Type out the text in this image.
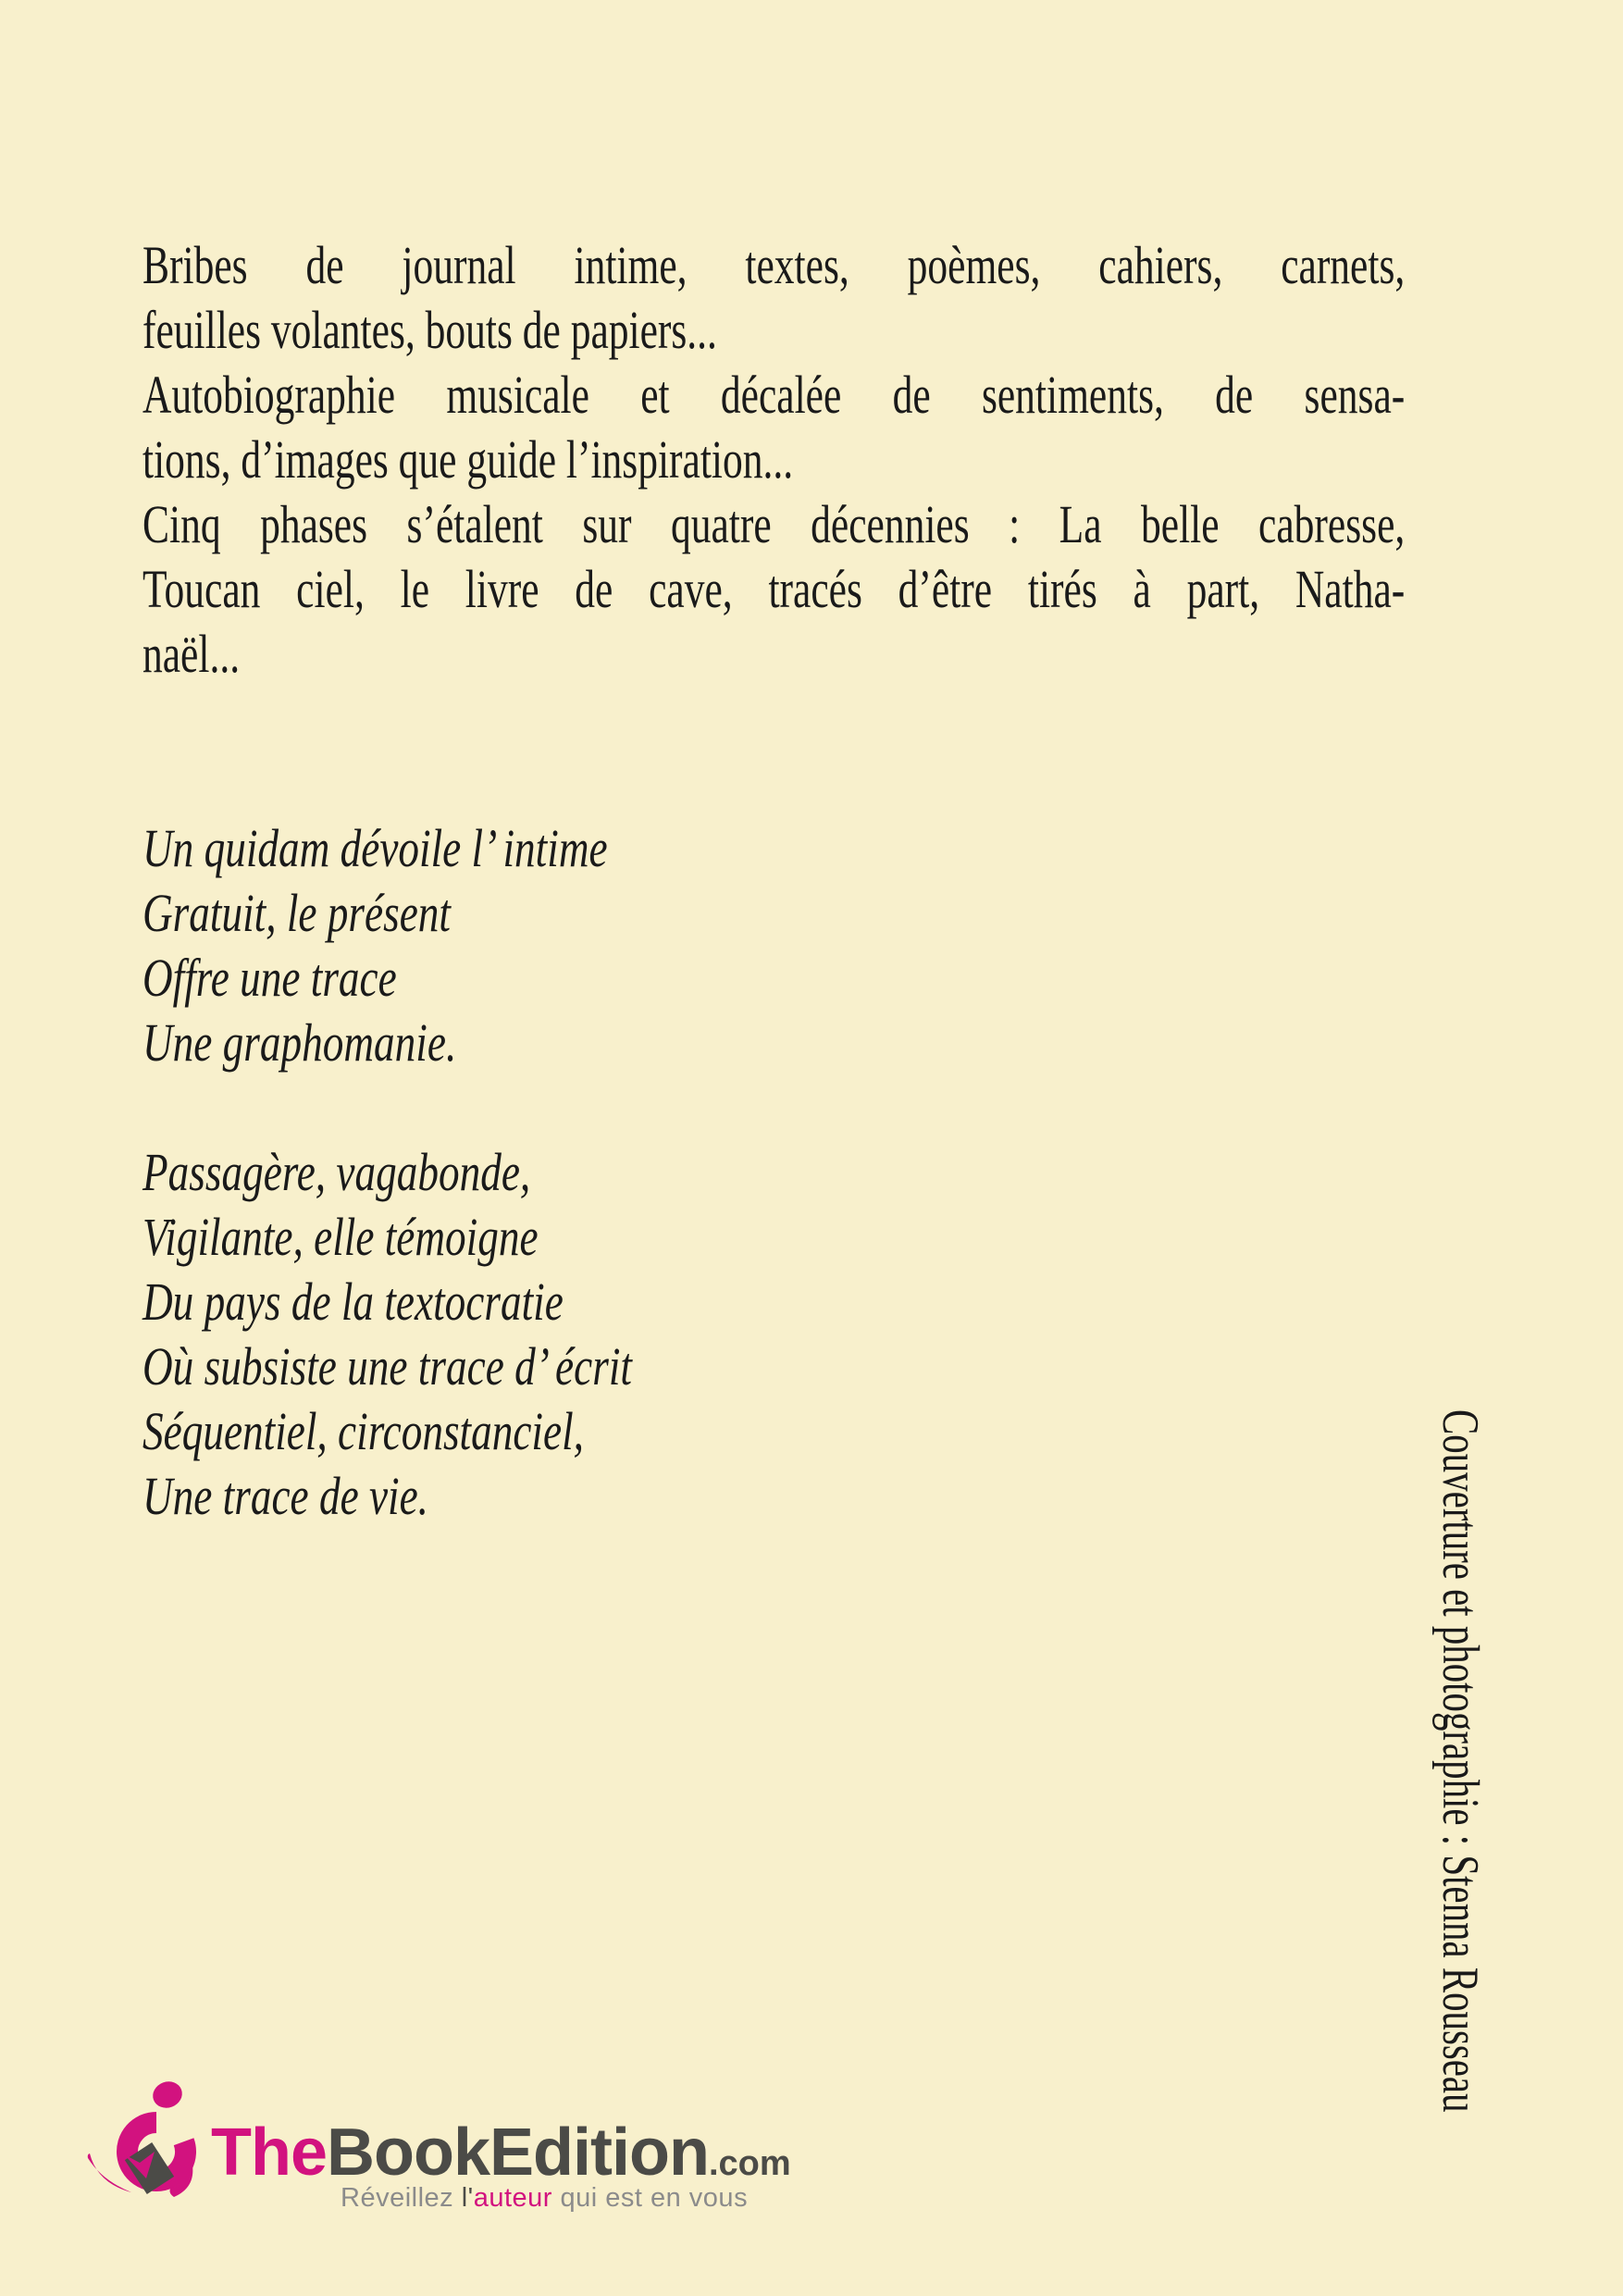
Bribes de journal intime, textes, poèmes, cahiers, carnets,
feuilles volantes, bouts de papiers...
Autobiographie musicale et décalée de sentiments, de sensa-
tions, d’images que guide l’inspiration...
Cinq phases s’étalent sur quatre décennies : La belle cabresse,
Toucan ciel, le livre de cave, tracés d’être tirés à part, Natha-
naël...
Un quidam dévoile l’ intime
Gratuit, le présent
Offre une trace
Une graphomanie.
Passagère, vagabonde,
Vigilante, elle témoigne
Du pays de la textocratie
Où subsiste une trace d’ écrit
Séquentiel, circonstanciel,
Une trace de vie.	Couverture et photographie : Stenna Rousseau
TheBookEdition.com
Réveillez l'auteur qui est en vous
